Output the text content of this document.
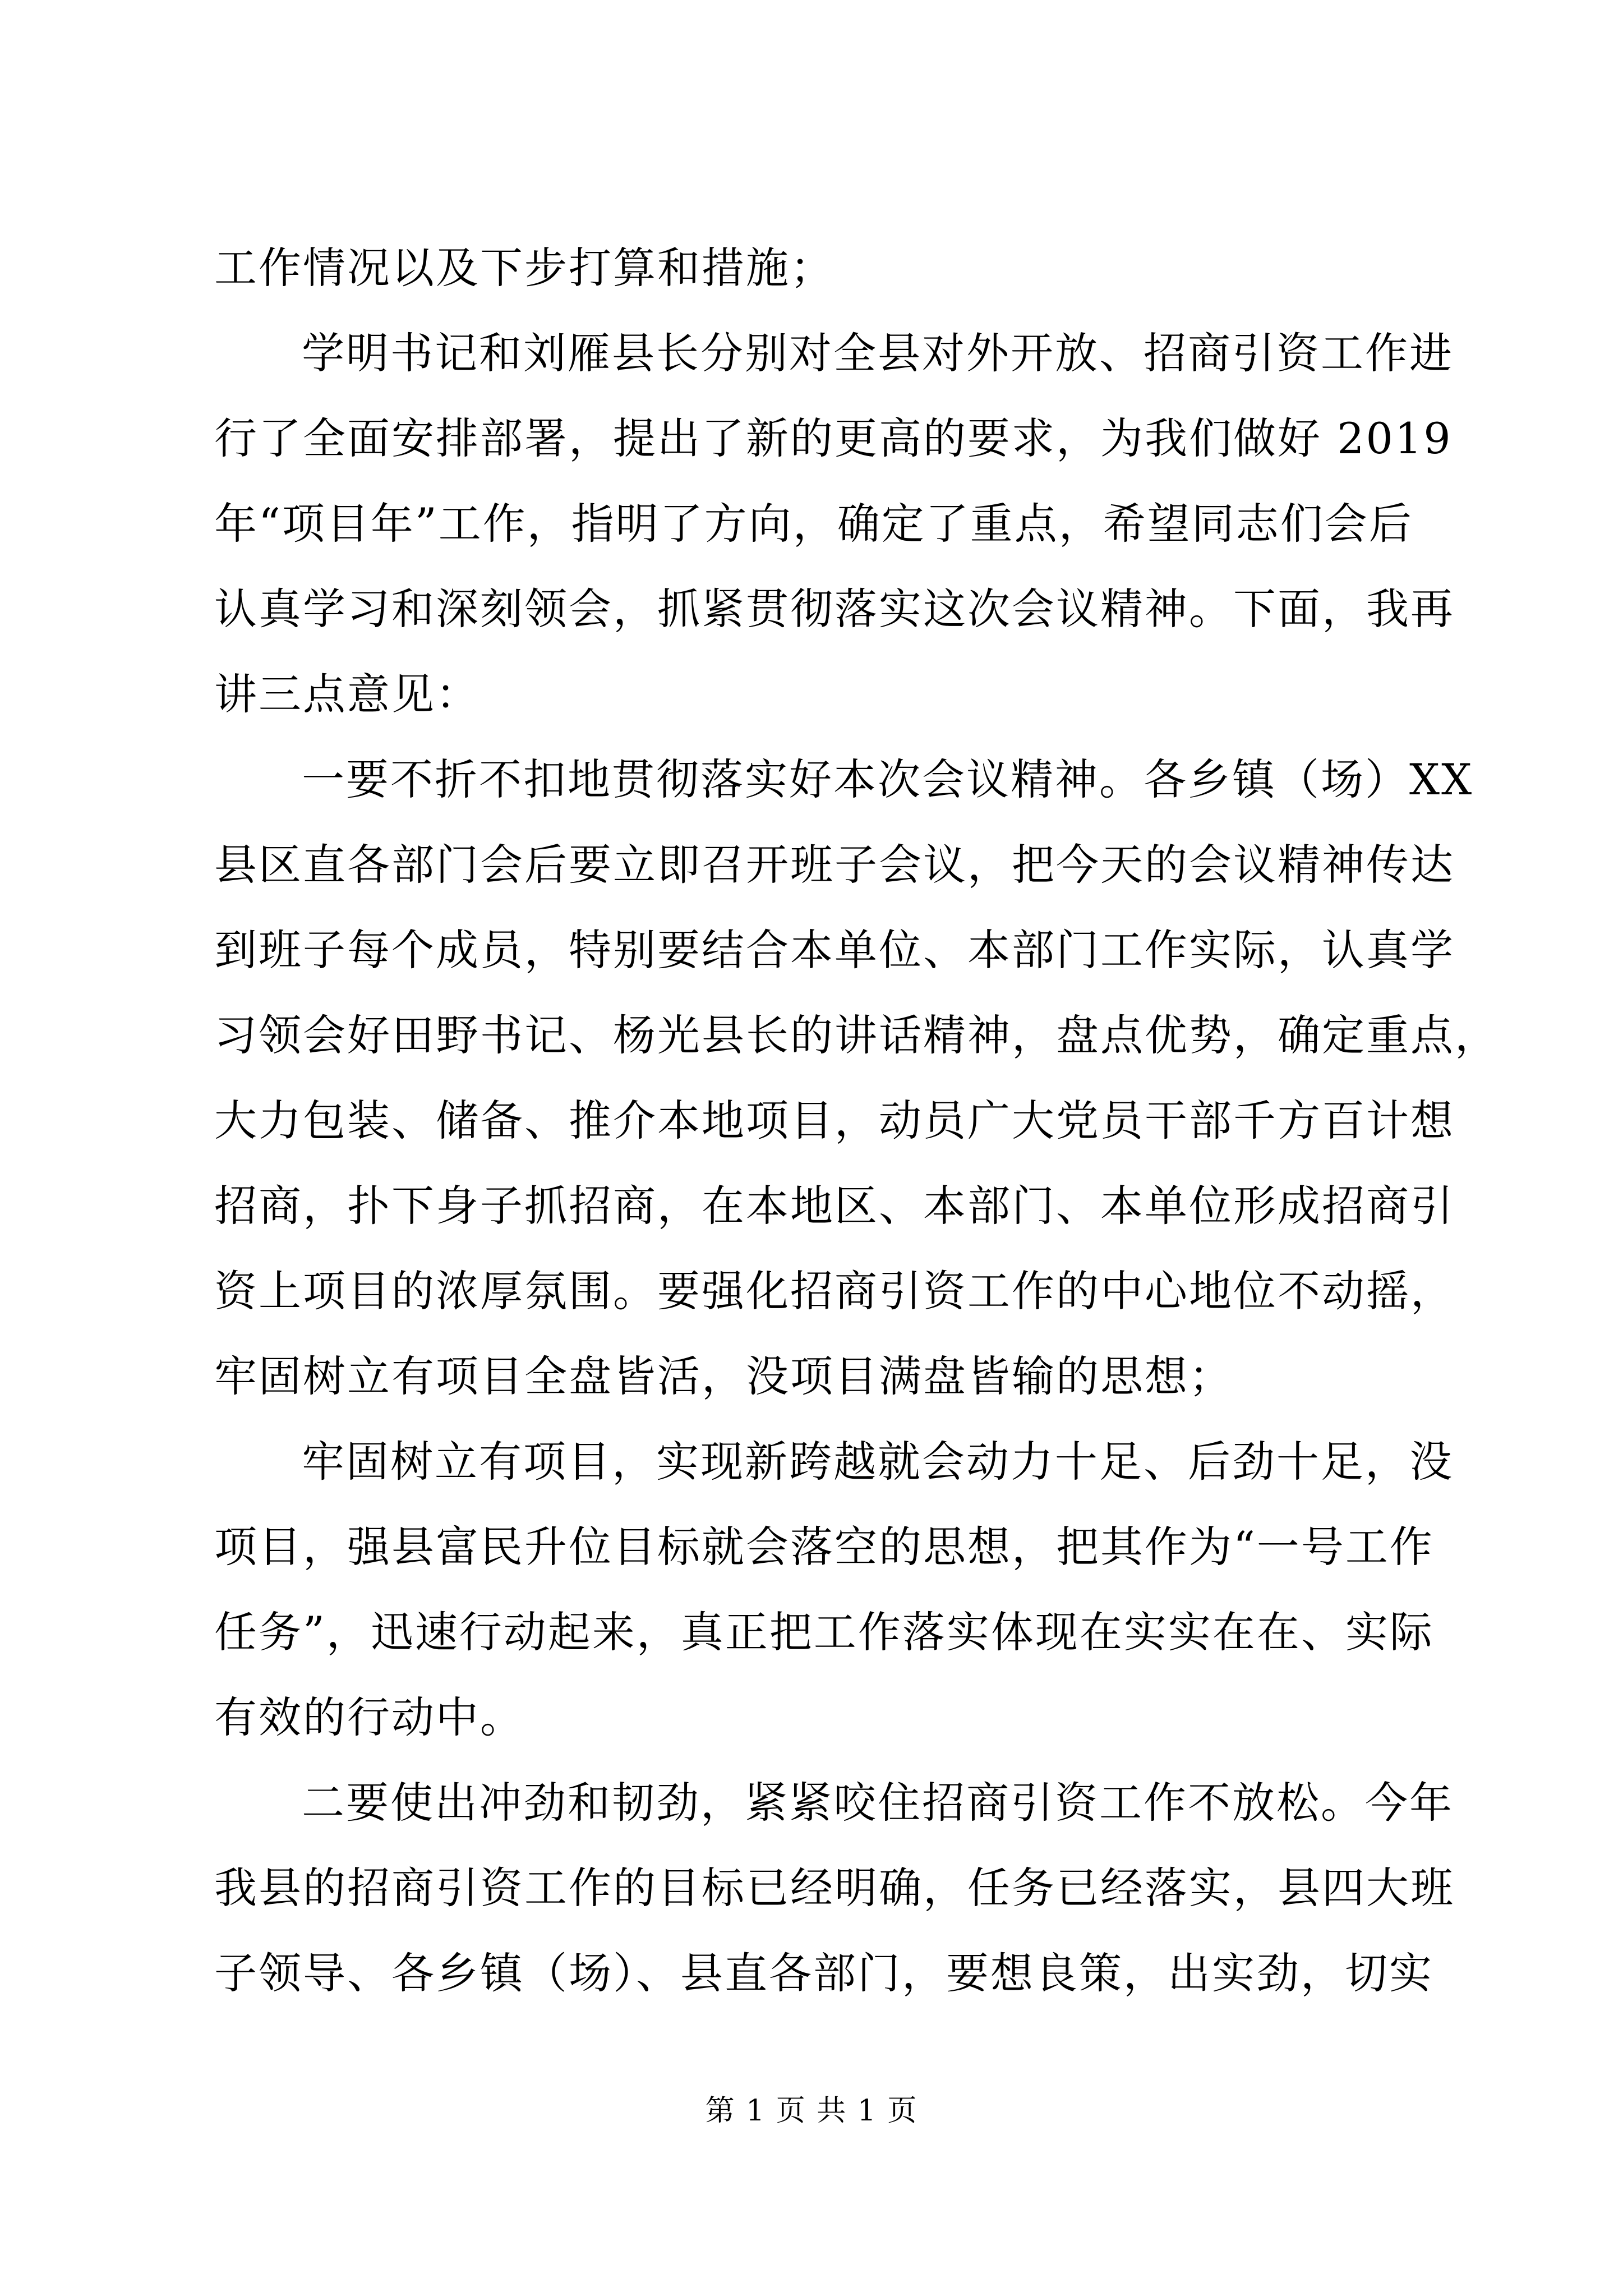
工作情况以及下步打算和措施；
学明书记和刘雁县长分别对全县对外开放、招商引资工作进
行了全面安排部署，提出了新的更高的要求，为我们做好 2019
年“项目年”工作，指明了方向，确定了重点，希望同志们会后
认真学习和深刻领会，抓紧贯彻落实这次会议精神。下面，我再
讲三点意见：
一要不折不扣地贯彻落实好本次会议精神。各乡镇（场）XX
县区直各部门会后要立即召开班子会议，把今天的会议精神传达
到班子每个成员，特别要结合本单位、本部门工作实际，认真学
习领会好田野书记、杨光县长的讲话精神，盘点优势，确定重点，
大力包装、储备、推介本地项目，动员广大党员干部千方百计想
招商，扑下身子抓招商，在本地区、本部门、本单位形成招商引
资上项目的浓厚氛围。要强化招商引资工作的中心地位不动摇，
牢固树立有项目全盘皆活，没项目满盘皆输的思想；
牢固树立有项目，实现新跨越就会动力十足、后劲十足，没
项目，强县富民升位目标就会落空的思想，把其作为“一号工作
任务”，迅速行动起来，真正把工作落实体现在实实在在、实际
有效的行动中。
二要使出冲劲和韧劲，紧紧咬住招商引资工作不放松。今年
我县的招商引资工作的目标已经明确，任务已经落实，县四大班
子领导、各乡镇（场）、县直各部门，要想良策，出实劲，切实
第 1 页 共 1 页
